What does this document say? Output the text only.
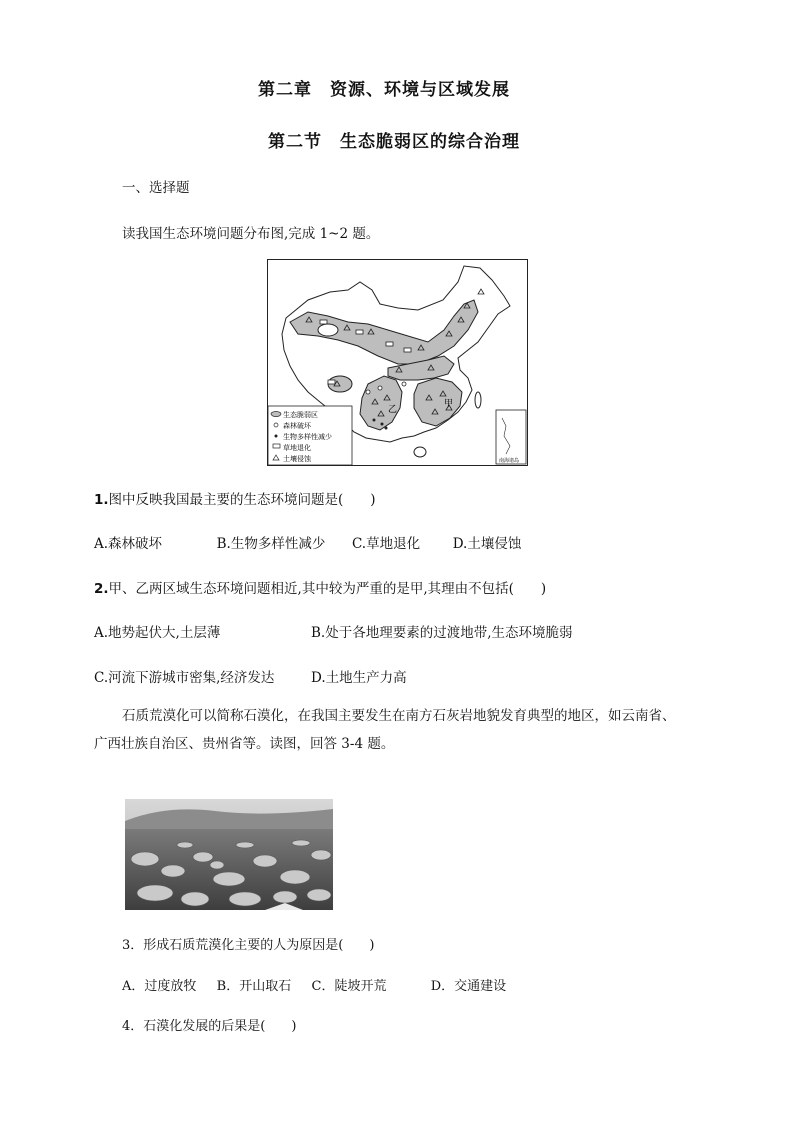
第二章　资源、环境与区域发展
第二节　生态脆弱区的综合治理
一、选择题
读我国生态环境问题分布图,完成 1~2 题。
乙
甲
南海诸岛
生态脆弱区
森林破坏
生物多样性减少
草地退化
土壤侵蚀
1.图中反映我国最主要的生态环境问题是(　　)
A.森林破坏	B.生物多样性减少 C.草地退化 D.土壤侵蚀
2.甲、乙两区域生态环境问题相近,其中较为严重的是甲,其理由不包括(　　)
A.地势起伏大,土层薄	B.处于各地理要素的过渡地带,生态环境脆弱
C.河流下游城市密集,经济发达	D.土地生产力高
石质荒漠化可以简称石漠化，在我国主要发生在南方石灰岩地貌发育典型的地区，如云南省、
广西壮族自治区、贵州省等。读图，回答 3-4 题。
3．形成石质荒漠化主要的人为原因是(　　)
A．过度放牧 B．开山取石 C．陡坡开荒	D．交通建设
4．石漠化发展的后果是(　　)
